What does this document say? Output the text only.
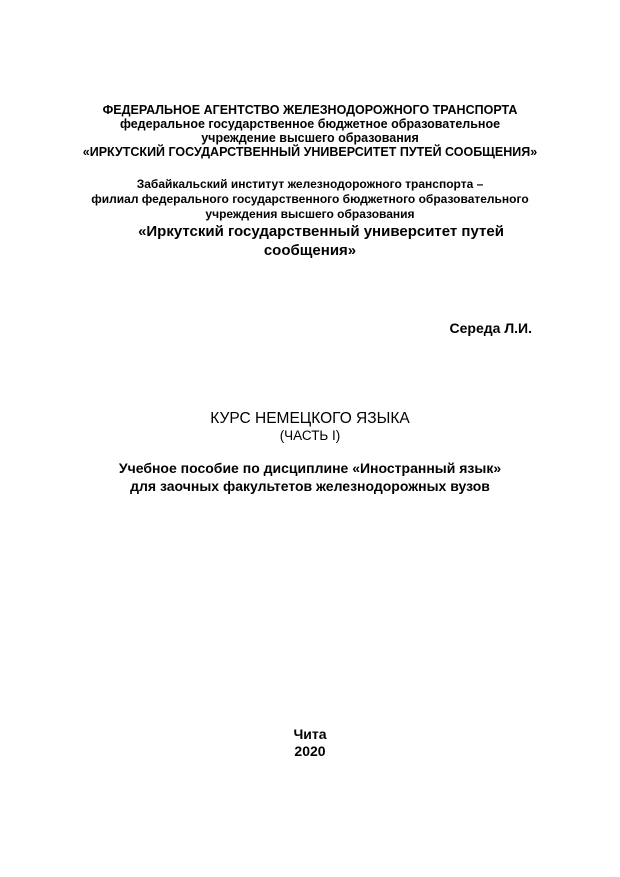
ФЕДЕРАЛЬНОЕ АГЕНТСТВО ЖЕЛЕЗНОДОРОЖНОГО ТРАНСПОРТА
федеральное государственное бюджетное образовательное
учреждение высшего образования
«ИРКУТСКИЙ ГОСУДАРСТВЕННЫЙ УНИВЕРСИТЕТ ПУТЕЙ СООБЩЕНИЯ»
Забайкальский институт железнодорожного транспорта –
филиал федерального государственного бюджетного образовательного
учреждения высшего образования
«Иркутский государственный университет путей
сообщения»
Середа Л.И.
КУРС НЕМЕЦКОГО ЯЗЫКА
(ЧАСТЬ I)
Учебное пособие по дисциплине «Иностранный язык»
для заочных факультетов железнодорожных вузов
Чита
2020
